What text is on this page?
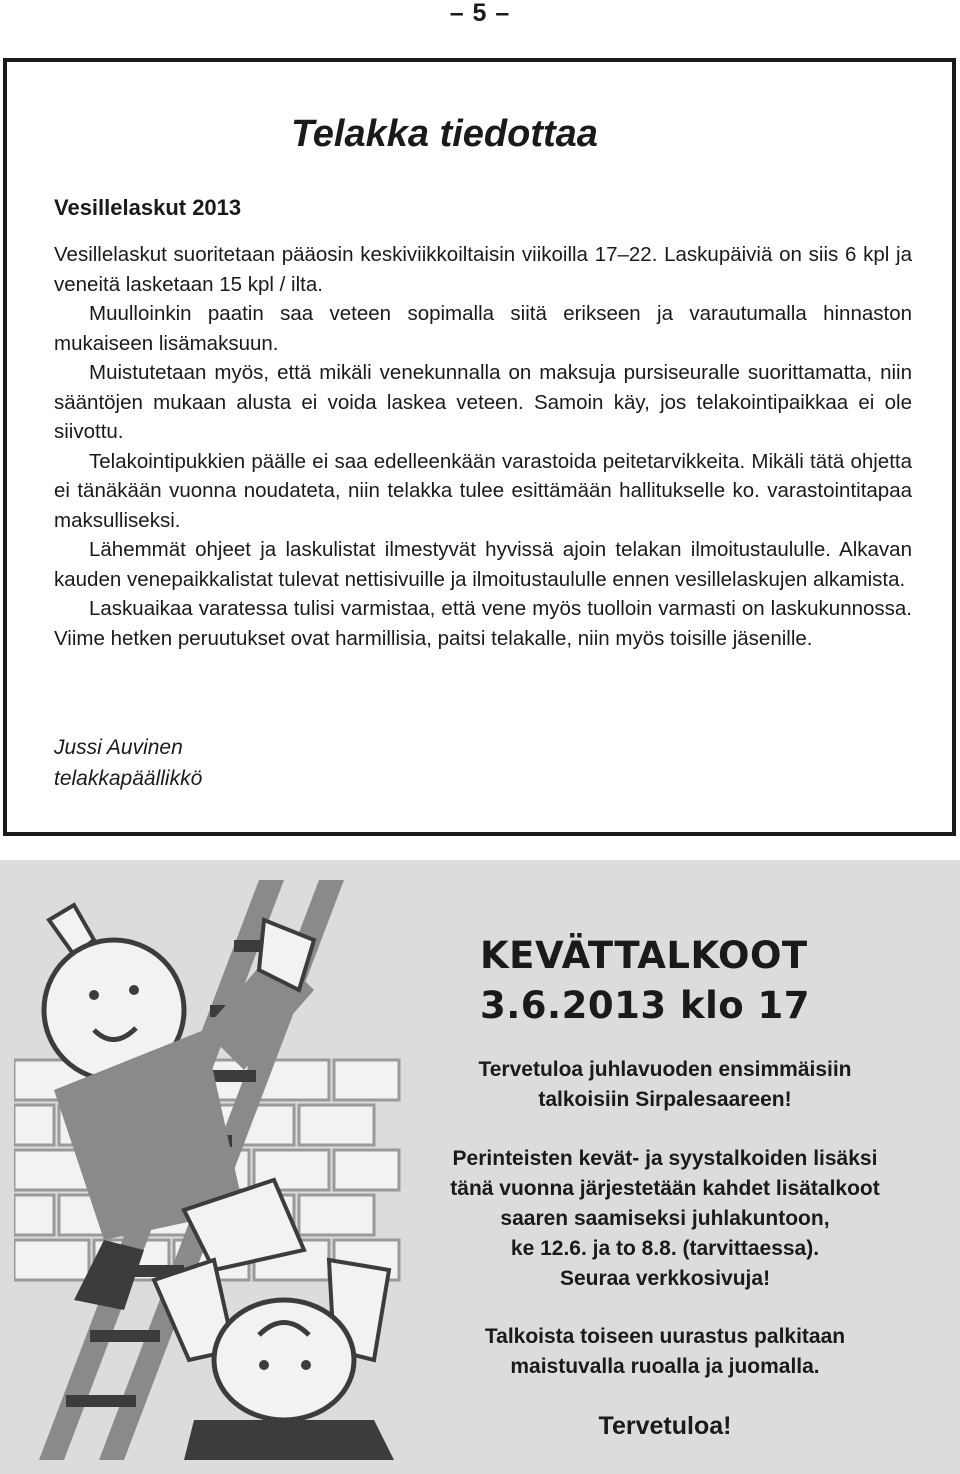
– 5 –
Telakka tiedottaa
Vesillelaskut 2013

Vesillelaskut suoritetaan pääosin keskiviikkoiltaisin viikoilla 17–22. Laskupäiviä on siis 6 kpl ja veneitä lasketaan 15 kpl / ilta.

Muulloinkin paatin saa veteen sopimalla siitä erikseen ja varautumalla hinnaston mukaiseen lisämaksuun.

Muistutetaan myös, että mikäli venekunnalla on maksuja pursiseuralle suorittamatta, niin sääntöjen mukaan alusta ei voida laskea veteen. Samoin käy, jos telakointipaikkaa ei ole siivottu.

Telakointipukkien päälle ei saa edelleenkään varastoida peitetarvikkeita. Mikäli tätä ohjetta ei tänäkään vuonna noudateta, niin telakka tulee esittämään hallitukselle ko. varastointitapaa maksulliseksi.

Lähemmät ohjeet ja laskulistat ilmestyvät hyvissä ajoin telakan ilmoitustaululle. Alkavan kauden venepaikkalistat tulevat nettisivuille ja ilmoitustaululle ennen vesillelaskujen alkamista.

Laskuaikaa varatessa tulisi varmistaa, että vene myös tuolloin varmasti on laskukunnossa. Viime hetken peruutukset ovat harmillisia, paitsi telakalle, niin myös toisille jäsenille.

Jussi Auvinen
telakkapäällikkö
KEVÄTTALKOOT
3.6.2013 klo 17

Tervetuloa juhlavuoden ensimmäisiin
talkoisiin Sirpalesaareen!

Perinteisten kevät- ja syystalkoiden lisäksi
tänä vuonna järjestetään kahdet lisätalkoot
saaren saamiseksi juhlakuntoon,
ke 12.6. ja to 8.8. (tarvittaessa).
Seuraa verkkosivuja!

Talkoista toiseen uurastus palkitaan
maistuvalla ruoalla ja juomalla.

Tervetuloa!
